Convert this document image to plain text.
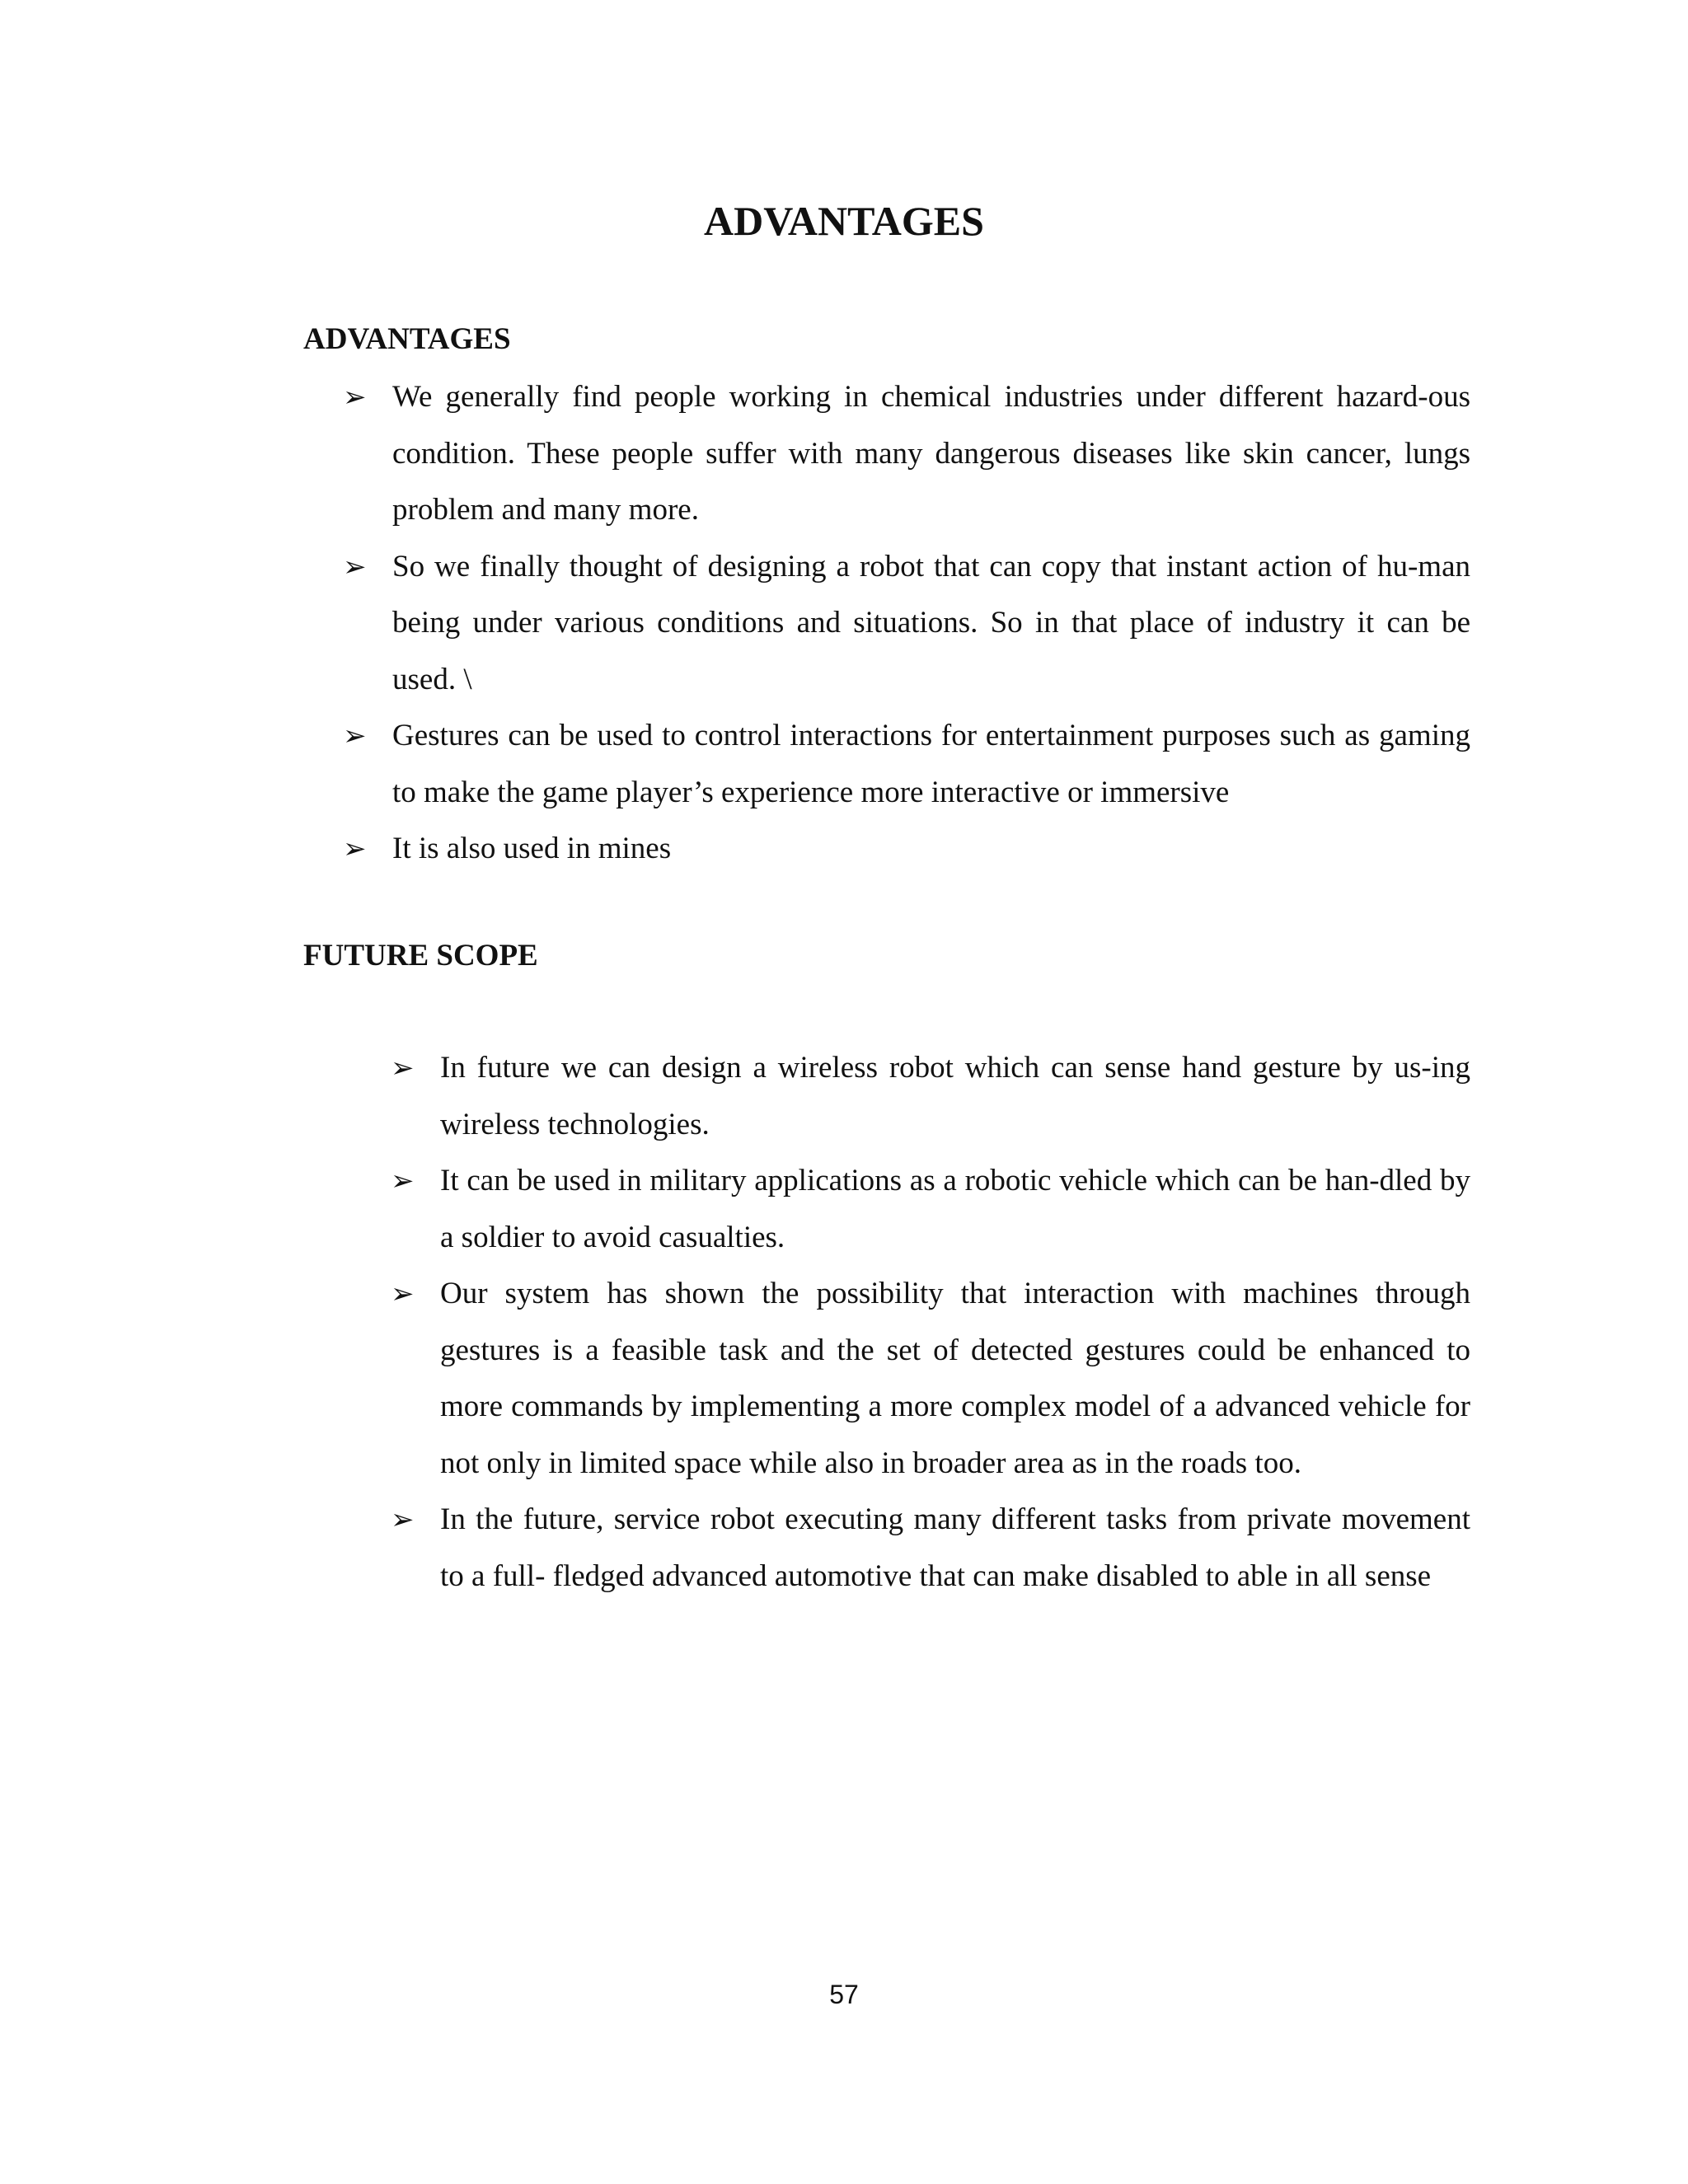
ADVANTAGES
ADVANTAGES
➢ We generally find people working in chemical industries under different hazard-ous condition. These people suffer with many dangerous diseases like skin cancer, lungs problem and many more.
➢ So we finally thought of designing a robot that can copy that instant action of hu-man being under various conditions and situations. So in that place of industry it can be used. \
➢ Gestures can be used to control interactions for entertainment purposes such as gaming to make the game player’s experience more interactive or immersive
➢ It is also used in mines
FUTURE SCOPE
➢ In future we can design a wireless robot which can sense hand gesture by us-ing wireless technologies.
➢ It can be used in military applications as a robotic vehicle which can be han-dled by a soldier to avoid casualties.
➢ Our system has shown the possibility that interaction with machines through gestures is a feasible task and the set of detected gestures could be enhanced to more commands by implementing a more complex model of a advanced vehicle for not only in limited space while also in broader area as in the roads too.
➢ In the future, service robot executing many different tasks from private movement to a full- fledged advanced automotive that can make disabled to able in all sense
57
